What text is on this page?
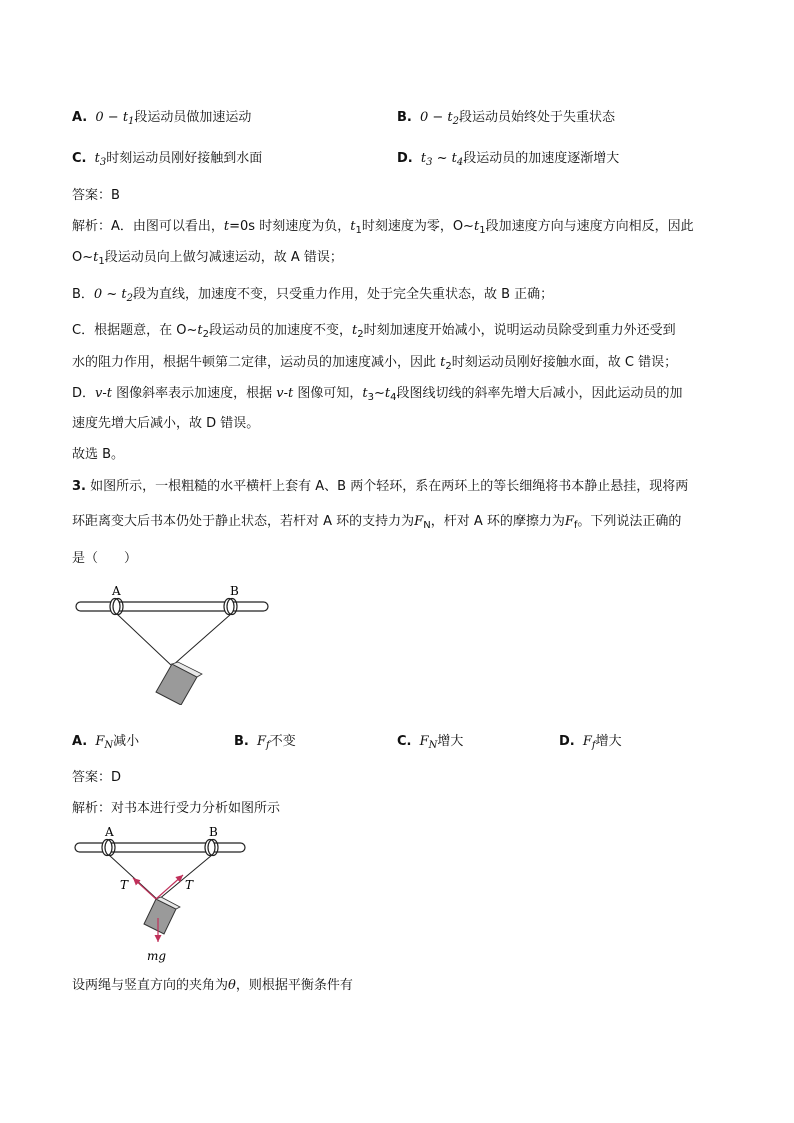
A. $0 - t_1$段运动员做加速运动	B. $0 - t_2$段运动员始终处于失重状态
C. $t_3$时刻运动员刚好接触到水面	D. $t_3$ ~ $t_4$段运动员的加速度逐渐增大
答案：B
解析：A．由图可以看出，t=0s 时刻速度为负，$t_1$时刻速度为零，$O\sim t_1$段加速度方向与速度方向相反，因此
$O\sim t_1$段运动员向上做匀减速运动，故 A 错误；
B．0 ~ $t_2$段为直线，加速度不变，只受重力作用，处于完全失重状态，故 B 正确；
C．根据题意，在 $O\sim t_2$段运动员的加速度不变，$t_2$时刻加速度开始减小，说明运动员除受到重力外还受到
水的阻力作用，根据牛顿第二定律，运动员的加速度减小，因此 $t_2$时刻运动员刚好接触水面，故 C 错误；
D．v-t 图像斜率表示加速度，根据 v-t 图像可知，$t_3\sim t_4$段图线切线的斜率先增大后减小，因此运动员的加
速度先增大后减小，故 D 错误。
故选 B。
3. 如图所示，一根粗糙的水平横杆上套有 A、B 两个轻环，系在两环上的等长细绳将书本静止悬挂，现将两
环距离变大后书本仍处于静止状态，若杆对 A 环的支持力为$F_N$，杆对 A 环的摩擦力为$F_f$。下列说法正确的
是（　　）
A	B
A. $F_N$减小	B. $F_f$不变	C. $F_N$增大	D. $F_f$增大
答案：D
解析：对书本进行受力分析如图所示
A	B
T	T
mg
设两绳与竖直方向的夹角为θ，则根据平衡条件有
